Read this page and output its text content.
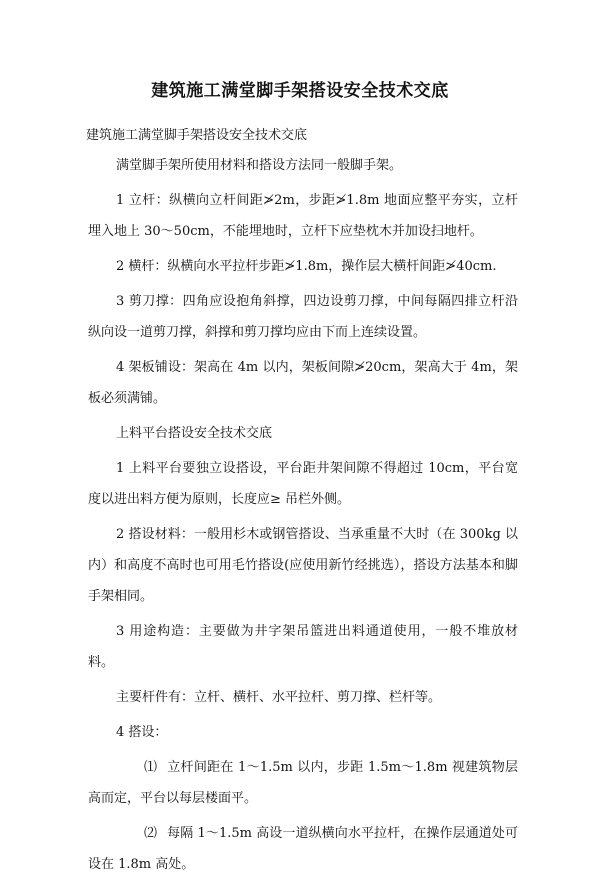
建筑施工满堂脚手架搭设安全技术交底
建筑施工满堂脚手架搭设安全技术交底

满堂脚手架所使用材料和搭设方法同一般脚手架。

1 立杆：纵横向立杆间距≯2m，步距≯1.8m 地面应整平夯实，立杆埋入地上 30～50cm，不能埋地时，立杆下应垫枕木并加设扫地杆。

2 横杆：纵横向水平拉杆步距≯1.8m，操作层大横杆间距≯40cm.

3 剪刀撑：四角应设抱角斜撑，四边设剪刀撑，中间每隔四排立杆沿纵向设一道剪刀撑，斜撑和剪刀撑均应由下而上连续设置。

4 架板铺设：架高在 4m 以内，架板间隙≯20cm，架高大于 4m，架板必须满铺。

上料平台搭设安全技术交底

1 上料平台要独立设搭设，平台距井架间隙不得超过 10cm，平台宽度以进出料方便为原则，长度应≥ 吊栏外侧。

2 搭设材料：一般用杉木或钢管搭设、当承重量不大时（在 300kg 以内）和高度不高时也可用毛竹搭设(应使用新竹经挑选），搭设方法基本和脚手架相同。

3 用途构造：主要做为井字架吊篮进出料通道使用，一般不堆放材料。

主要杆件有：立杆、横杆、水平拉杆、剪刀撑、栏杆等。

4 搭设：

⑴ 立杆间距在 1～1.5m 以内，步距 1.5m～1.8m 视建筑物层高而定，平台以每层楼面平。

⑵ 每隔 1～1.5m 高设一道纵横向水平拉杆，在操作层通道处可设在 1.8m 高处。
